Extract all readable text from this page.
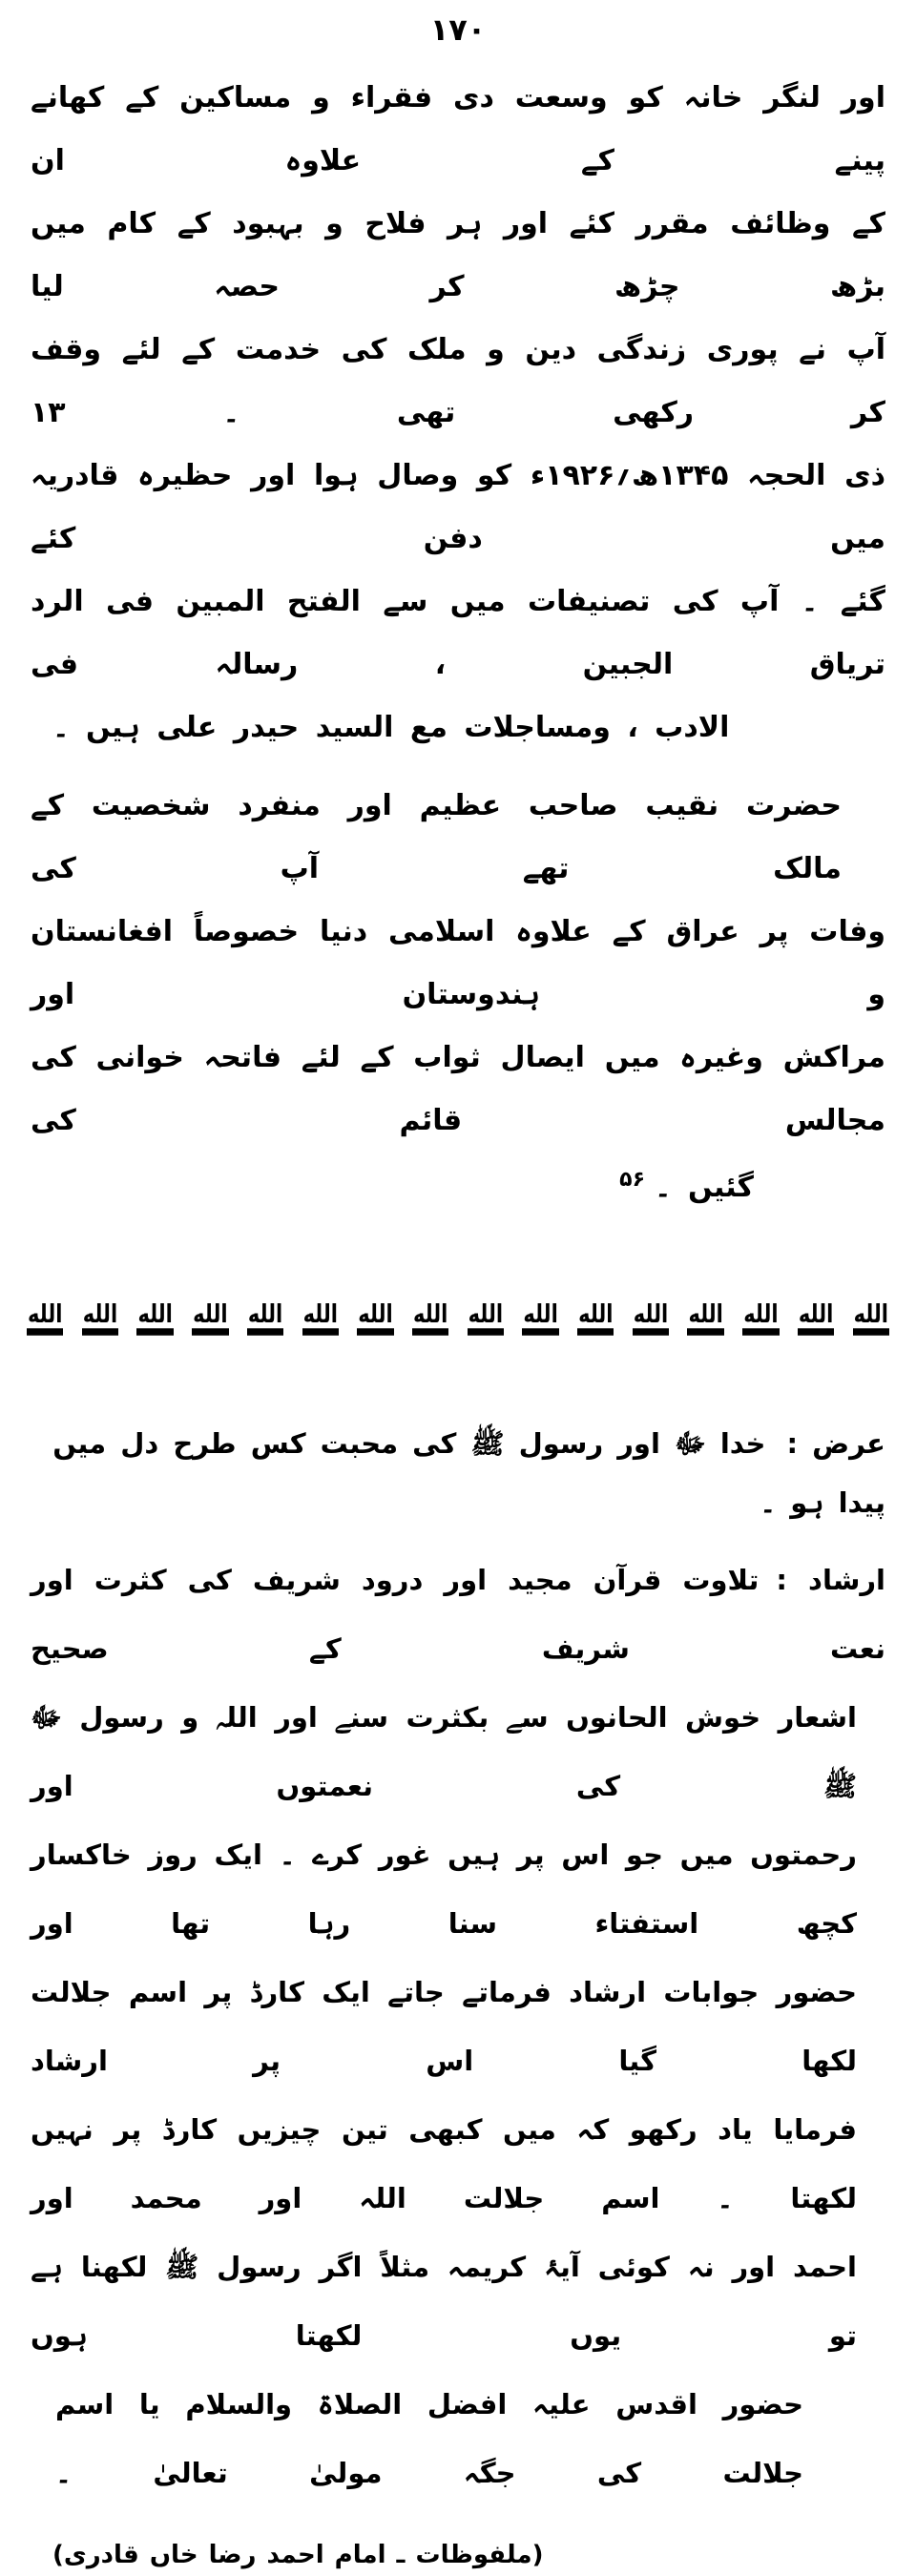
۱۷۰
اور لنگر خانہ کو وسعت دی فقراء و مساکین کے کھانے پینے کے علاوہ ان
کے وظائف مقرر کئے اور ہر فلاح و بہبود کے کام میں بڑھ چڑھ کر حصہ لیا
آپ نے پوری زندگی دین و ملک کی خدمت کے لئے وقف کر رکھی تھی ۔ ۱۳
ذی الحجہ ۱۳۴۵ھ؍۱۹۲۶ء کو وصال ہوا اور حظیرہ قادریہ میں دفن کئے
گئے ۔ آپ کی تصنیفات میں سے الفتح المبین فی الرد تریاق الجبین ، رسالہ فی
الادب ، ومساجلات مع السید حیدر علی ہیں ۔
حضرت نقیب صاحب عظیم اور منفرد شخصیت کے مالک تھے آپ کی
وفات پر عراق کے علاوہ اسلامی دنیا خصوصاً افغانستان و ہندوستان اور
مراکش وغیرہ میں ایصال ثواب کے لئے فاتحہ خوانی کی مجالس قائم کی
گئیں ۔$^{۵۶}$
الله
الله
الله
الله
الله
الله
الله
الله
الله
الله
الله
الله
الله
الله
الله
الله
عرض :خدا ﷻ اور رسول ﷺ کی محبت کس طرح دل میں پیدا ہو ۔
ارشاد :تلاوت قرآن مجید اور درود شریف کی کثرت اور نعت شریف کے صحیح
اشعار خوش الحانوں سے بکثرت سنے اور اللہ و رسول ﷻ ﷺ کی نعمتوں اور
رحمتوں میں جو اس پر ہیں غور کرے ۔ ایک روز خاکسار کچھ استفتاء سنا رہا تھا اور
حضور جوابات ارشاد فرماتے جاتے ایک کارڈ پر اسم جلالت لکھا گیا اس پر ارشاد
فرمایا یاد رکھو کہ میں کبھی تین چیزیں کارڈ پر نہیں لکھتا ۔ اسم جلالت اللہ اور محمد اور
احمد اور نہ کوئی آیۂ کریمہ مثلاً اگر رسول ﷺ لکھنا ہے تو یوں لکھتا ہوں
حضور اقدس علیہ افضل الصلاۃ والسلام یا اسم جلالت کی جگہ مولیٰ تعالیٰ ۔
(ملفوظات ـ امام احمد رضا خاں قادری)
